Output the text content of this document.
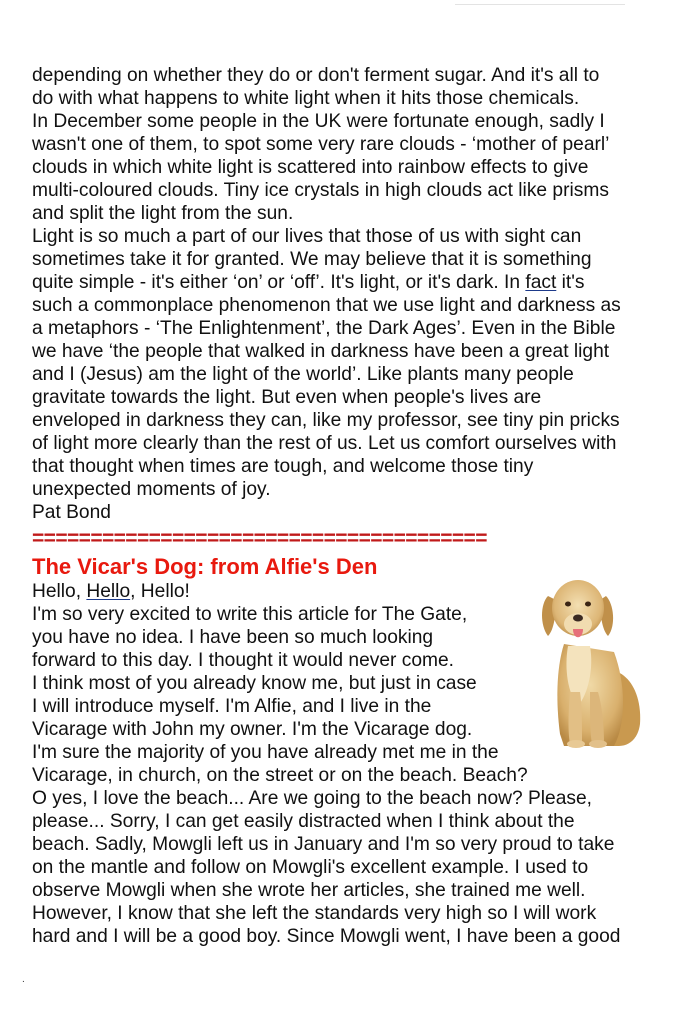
depending on whether they do or don't ferment sugar. And it's all to

do with what happens to white light when it hits those chemicals.

In December some people in the UK were fortunate enough, sadly I

wasn't one of them, to spot some very rare clouds - ‘mother of pearl’

clouds in which white light is scattered into rainbow effects to give

multi-coloured clouds. Tiny ice crystals in high clouds act like prisms

and split the light from the sun.

Light is so much a part of our lives that those of us with sight can

sometimes take it for granted. We may believe that it is something

quite simple - it's either ‘on’ or ‘off’. It's light, or it's dark. In fact it's

such a commonplace phenomenon that we use light and darkness as

a metaphors - ‘The Enlightenment’, the Dark Ages’. Even in the Bible

we have ‘the people that walked in darkness have been a great light

and I (Jesus) am the light of the world’. Like plants many people

gravitate towards the light. But even when people's lives are

enveloped in darkness they can, like my professor, see tiny pin pricks

of light more clearly than the rest of us. Let us comfort ourselves with

that thought when times are tough, and welcome those tiny

unexpected moments of joy.

Pat Bond

=======================================
The Vicar's Dog: from Alfie's Den

Hello, Hello, Hello!

I'm so very excited to write this article for The Gate,

you have no idea. I have been so much looking

forward to this day. I thought it would never come.

I think most of you already know me, but just in case

I will introduce myself. I'm Alfie, and I live in the

Vicarage with John my owner. I'm the Vicarage dog.

I'm sure the majority of you have already met me in the

Vicarage, in church, on the street or on the beach. Beach?

O yes, I love the beach... Are we going to the beach now? Please,

please... Sorry, I can get easily distracted when I think about the

beach. Sadly, Mowgli left us in January and I'm so very proud to take

on the mantle and follow on Mowgli's excellent example. I used to

observe Mowgli when she wrote her articles, she trained me well.

However, I know that she left the standards very high so I will work

hard and I will be a good boy. Since Mowgli went, I have been a good

.
